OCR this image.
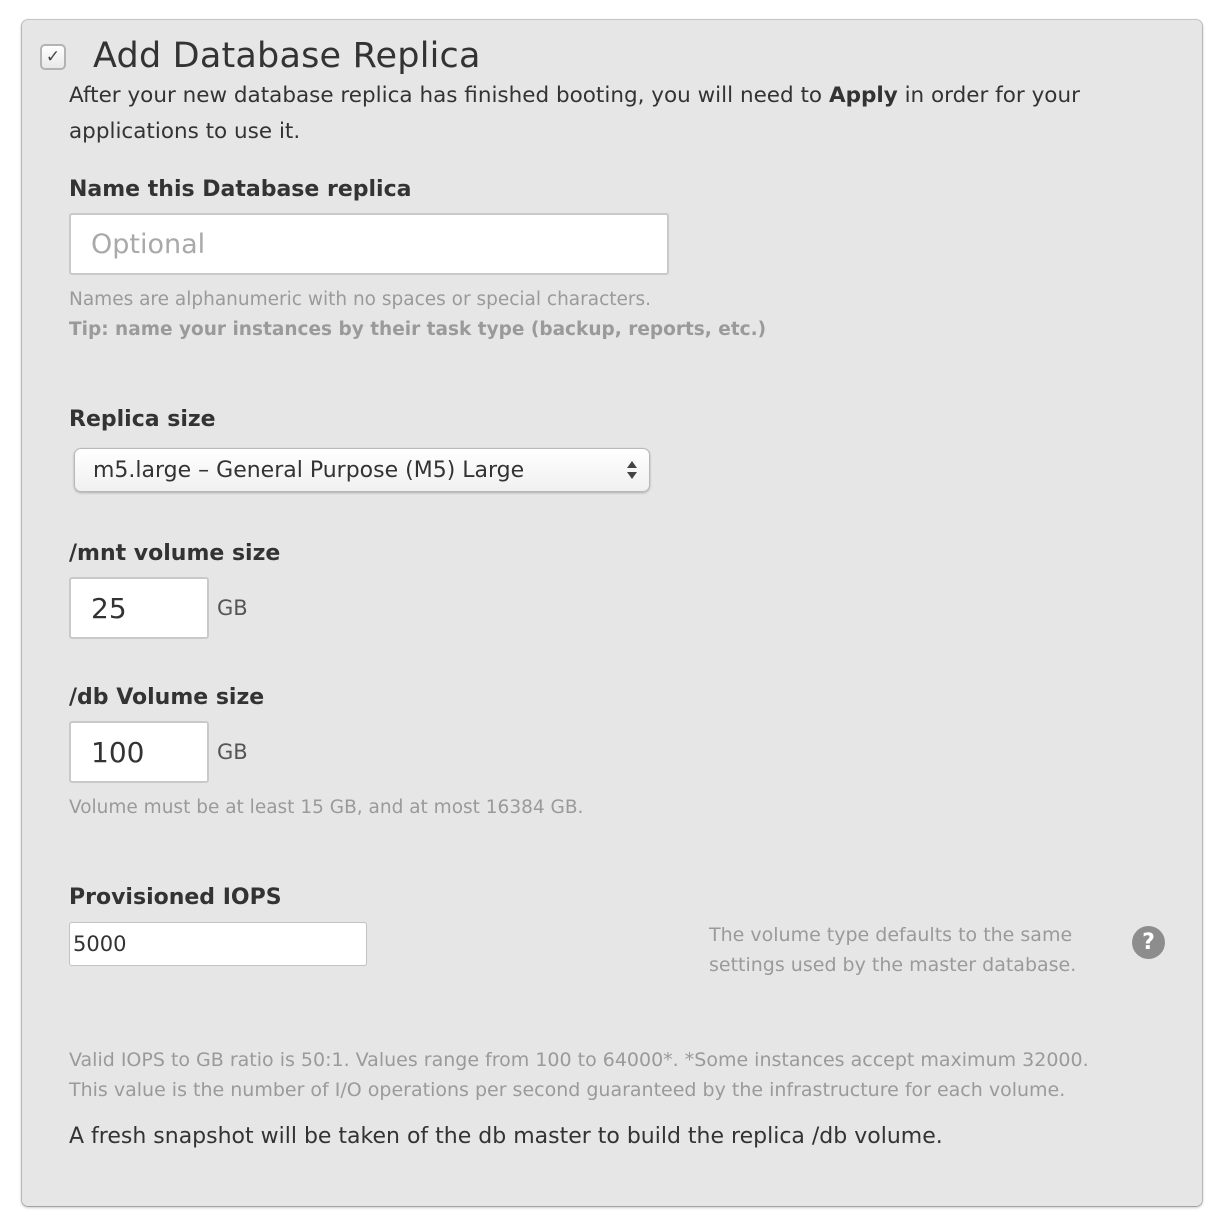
✓ Add Database Replica
After your new database replica has finished booting, you will need to Apply in order for your applications to use it.
Name this Database replica
Optional
Names are alphanumeric with no spaces or special characters.
Tip: name your instances by their task type (backup, reports, etc.)
Replica size
m5.large – General Purpose (M5) Large
/mnt volume size
25
GB
/db Volume size
100
GB
Volume must be at least 15 GB, and at most 16384 GB.
Provisioned IOPS
5000
The volume type defaults to the same settings used by the master database.
?
Valid IOPS to GB ratio is 50:1. Values range from 100 to 64000*. *Some instances accept maximum 32000.
This value is the number of I/O operations per second guaranteed by the infrastructure for each volume.
A fresh snapshot will be taken of the db master to build the replica /db volume.
